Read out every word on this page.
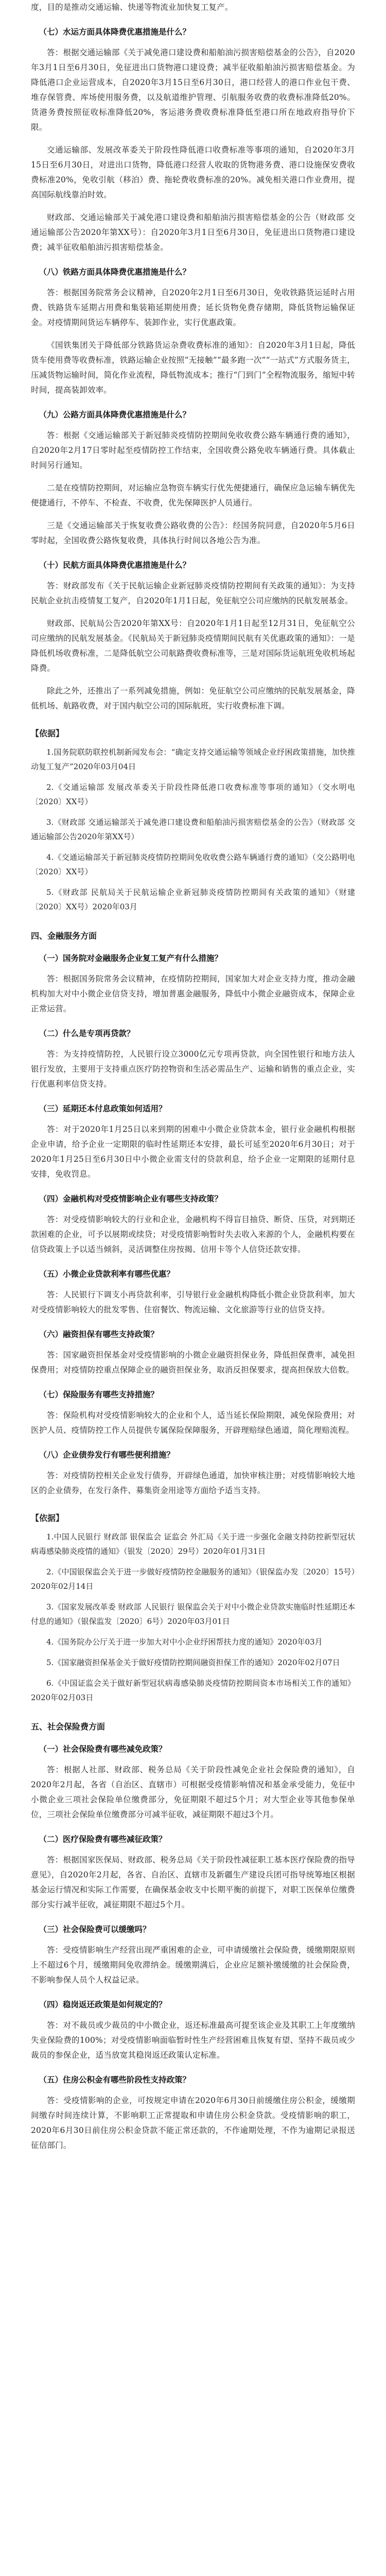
度，目的是推动交通运输、快递等物流业加快复工复产。

（七）水运方面具体降费优惠措施是什么？

答：根据交通运输部《关于减免港口建设费和船舶油污损害赔偿基金的公告》，自2020年3月1日至6月30日，免征进出口货物港口建设费；减半征收船舶油污损害赔偿基金。为降低港口企业运营成本，自2020年3月15日至6月30日，港口经营人的港口作业包干费、堆存保管费、库场使用服务费，以及航道维护管理、引航服务收费的收费标准降低20%。货港务费按照征收标准降低20%，客运港务费收费标准降低至港口所在地政府指导价下限。

交通运输部、发展改革委关于阶段性降低港口收费标准等事项的通知，自2020年3月15日至6月30日，对进出口货物，降低港口经营人收取的货物港务费、港口设施保安费收费标准20%，免收引航（移泊）费、拖轮费收费标准的20%。减免相关港口作业费用，提高国际航线靠泊时效。

财政部、交通运输部关于减免港口建设费和船舶油污损害赔偿基金的公告（财政部 交通运输部公告2020年第XX号）：自2020年3月1日至6月30日，免征进出口货物港口建设费；减半征收船舶油污损害赔偿基金。

（八）铁路方面具体降费优惠措施是什么？

答：根据国务院常务会议精神，自2020年2月1日至6月30日，免收铁路货运延时占用费、铁路货车延期占用费和集装箱延期使用费；延长货物免费存储期，降低货物运输保证金。对疫情期间货运车辆停车、装卸作业，实行优惠政策。

《国铁集团关于降低部分铁路货运杂费收费标准的通知》：自2020年3月1日起，降低货车使用费等收费标准，铁路运输企业按照“无接触”“最多跑一次”“一站式”方式服务货主，压减货物运输时间，简化作业流程，降低物流成本；推行“门到门”全程物流服务，缩短中转时间，提高装卸效率。

（九）公路方面具体降费优惠措施是什么？

答：根据《交通运输部关于新冠肺炎疫情防控期间免收收费公路车辆通行费的通知》，自2020年2月17日零时起至疫情防控工作结束，全国收费公路免收车辆通行费。具体截止时间另行通知。

二是在疫情防控期间，对运输应急物资车辆实行优先便捷通行，确保应急运输车辆优先便捷通行，不停车、不检查、不收费，优先保障医护人员通行。

三是《交通运输部关于恢复收费公路收费的公告》：经国务院同意，自2020年5月6日零时起，全国收费公路恢复收费，具体执行时间以各地公告为准。

（十）民航方面具体降费优惠措施是什么？

答：财政部发布《关于民航运输企业新冠肺炎疫情防控期间有关政策的通知》：为支持民航企业抗击疫情复工复产，自2020年1月1日起，免征航空公司应缴纳的民航发展基金。

财政部、民航局公告2020年第XX号：自2020年1月1日起至12月31日，免征航空公司应缴纳的民航发展基金。《民航局关于新冠肺炎疫情期间民航有关优惠政策的通知》：一是降低机场收费标准，二是降低航空公司航路费收费标准等，三是对国际货运航班免收机场起降费。

除此之外，还推出了一系列减免措施，例如：免征航空公司应缴纳的民航发展基金，降低机场、航路收费，对于国内航空公司的国际航班，实行收费标准下调。

【依据】

1.国务院联防联控机制新闻发布会：“确定支持交通运输等领域企业纾困政策措施，加快推动复工复产”2020年03月04日

2.《交通运输部 发展改革委关于阶段性降低港口收费标准等事项的通知》（交水明电〔2020〕XX号）

3.《财政部 交通运输部关于减免港口建设费和船舶油污损害赔偿基金的公告》（财政部 交通运输部公告2020年第XX号）

4.《交通运输部关于新冠肺炎疫情防控期间免收收费公路车辆通行费的通知》（交公路明电〔2020〕XX号）

5.《财政部 民航局关于民航运输企业新冠肺炎疫情防控期间有关政策的通知》（财建〔2020〕XX号）2020年03月

四、金融服务方面

（一）国务院对金融服务企业复工复产有什么措施？

答：根据国务院常务会议精神，在疫情防控期间，国家加大对企业支持力度，推动金融机构加大对中小微企业信贷支持，增加普惠金融服务，降低中小微企业融资成本，保障企业正常运营。

（二）什么是专项再贷款？

答：为支持疫情防控，人民银行设立3000亿元专项再贷款，向全国性银行和地方法人银行发放，主要用于支持重点医疗防控物资和生活必需品生产、运输和销售的重点企业，实行优惠利率信贷支持。

（三）延期还本付息政策如何适用？

答：对于2020年1月25日以来到期的困难中小微企业贷款本金，银行业金融机构根据企业申请，给予企业一定期限的临时性延期还本安排，最长可延至2020年6月30日；对于2020年1月25日至6月30日中小微企业需支付的贷款利息，给予企业一定期限的延期付息安排，免收罚息。

（四）金融机构对受疫情影响企业有哪些支持政策？

答：对受疫情影响较大的行业和企业，金融机构不得盲目抽贷、断贷、压贷，对到期还款困难的企业，可予以展期或续贷；对受疫情影响暂时失去收入来源的个人，金融机构要在信贷政策上予以适当倾斜，灵活调整住房按揭、信用卡等个人信贷还款安排。

（五）小微企业贷款利率有哪些优惠？

答：人民银行下调支小再贷款利率，引导银行业金融机构降低小微企业贷款利率，加大对受疫情影响较大的批发零售、住宿餐饮、物流运输、文化旅游等行业的信贷支持。

（六）融资担保有哪些支持政策？

答：国家融资担保基金对受疫情影响的小微企业融资担保业务，降低担保费率，减免担保费用；对疫情防控重点保障企业的融资担保业务，取消反担保要求，提高担保放大倍数。

（七）保险服务有哪些支持措施？

答：保险机构对受疫情影响较大的企业和个人，适当延长保险期限，减免保险费用；对医护人员、疫情防控工作人员提供专属保险保障服务，开辟理赔绿色通道，简化理赔流程。

（八）企业债券发行有哪些便利措施？

答：对疫情防控相关企业发行债券，开辟绿色通道，加快审核注册；对疫情影响较大地区的企业债券，在发行条件、募集资金用途等方面给予适当支持。

【依据】

1.中国人民银行 财政部 银保监会 证监会 外汇局《关于进一步强化金融支持防控新型冠状病毒感染肺炎疫情的通知》（银发〔2020〕29号）2020年01月31日

2.《中国银保监会关于进一步做好疫情防控金融服务的通知》（银保监办发〔2020〕15号）2020年02月14日

3.《国家发展改革委 财政部 人民银行 银保监会关于对中小微企业贷款实施临时性延期还本付息的通知》（银保监发〔2020〕6号）2020年03月01日

4.《国务院办公厅关于进一步加大对中小企业纾困帮扶力度的通知》2020年03月

5.《国家融资担保基金关于做好疫情防控期间融资担保工作的通知》2020年02月07日

6.《中国证监会关于做好新型冠状病毒感染肺炎疫情防控期间资本市场相关工作的通知》2020年02月03日

五、社会保险费方面

（一）社会保险费有哪些减免政策？

答：根据人社部、财政部、税务总局《关于阶段性减免企业社会保险费的通知》，自2020年2月起，各省（自治区、直辖市）可根据受疫情影响情况和基金承受能力，免征中小微企业三项社会保险单位缴费部分，免征期限不超过5个月；对大型企业等其他参保单位，三项社会保险单位缴费部分可减半征收，减征期限不超过3个月。

（二）医疗保险费有哪些减征政策？

答：根据国家医保局、财政部、税务总局《关于阶段性减征职工基本医疗保险费的指导意见》，自2020年2月起，各省、自治区、直辖市及新疆生产建设兵团可指导统筹地区根据基金运行情况和实际工作需要，在确保基金收支中长期平衡的前提下，对职工医保单位缴费部分实行减半征收，减征期限不超过5个月。

（三）社会保险费可以缓缴吗？

答：受疫情影响生产经营出现严重困难的企业，可申请缓缴社会保险费，缓缴期限原则上不超过6个月，缓缴期间免收滞纳金。缓缴期满后，企业应足额补缴缓缴的社会保险费，不影响参保人员个人权益记录。

（四）稳岗返还政策是如何规定的？

答：对不裁员或少裁员的中小微企业，返还标准最高可提至该企业及其职工上年度缴纳失业保险费的100%；对受疫情影响面临暂时性生产经营困难且恢复有望、坚持不裁员或少裁员的参保企业，适当放宽其稳岗返还政策认定标准。

（五）住房公积金有哪些阶段性支持政策？

答：受疫情影响的企业，可按规定申请在2020年6月30日前缓缴住房公积金，缓缴期间缴存时间连续计算，不影响职工正常提取和申请住房公积金贷款。受疫情影响的职工，2020年6月30日前住房公积金贷款不能正常还款的，不作逾期处理，不作为逾期记录报送征信部门。
